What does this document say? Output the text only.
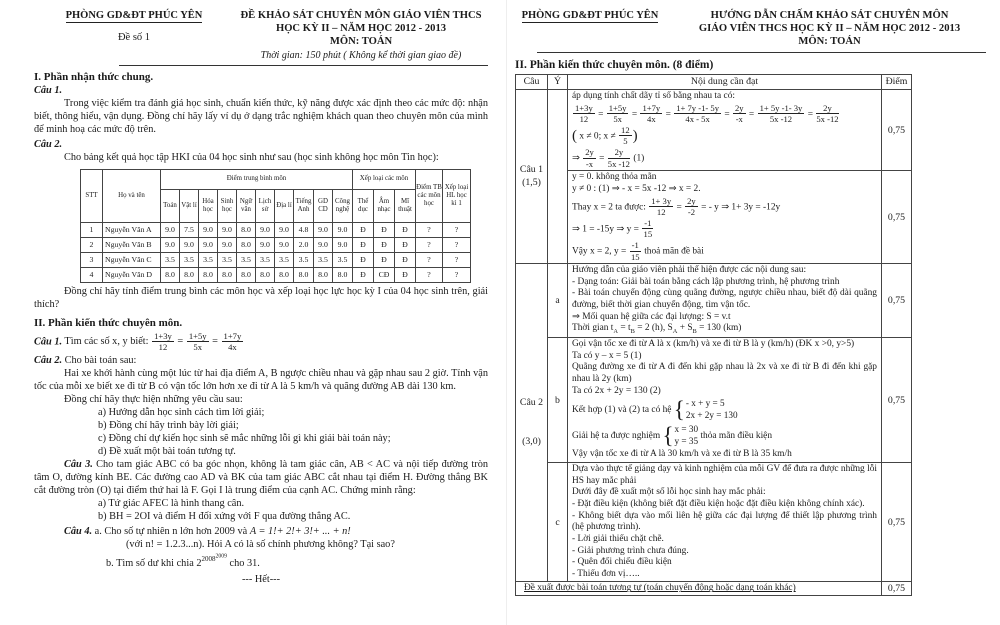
PHÒNG GD&ĐT PHÚC YÊN
Đề số 1
ĐỀ KHẢO SÁT CHUYÊN MÔN GIÁO VIÊN THCS
HỌC KỲ II – NĂM HỌC 2012 - 2013
MÔN: TOÁN
Thời gian: 150 phút ( Không kể thời gian giao đề)
I. Phần nhận thức chung.
Câu 1.

Trong việc kiểm tra đánh giá học sinh, chuẩn kiến thức, kỹ năng được xác định theo các mức độ: nhận biết, thông hiểu, vận dụng. Đồng chí hãy lấy ví dụ ở dạng trắc nghiệm khách quan theo chuyên môn của mình để minh hoạ các mức độ trên.

Câu 2.

Cho bảng kết quả học tập HKI của 04 học sinh như sau (học sinh không học môn Tin học):

STT	Họ và tên	Điểm trung bình môn										Xếp loại các môn			Điểm TB các môn học	Xếp loại HL học kì 1
		Toán	Vật lí	Hóa học	Sinh học	Ngữ văn	Lịch sử	Địa lí	Tiếng Anh	GD CD	Công nghệ	Thể dục	Âm nhạc	Mĩ thuật		
1	Nguyễn Văn A	9.0	7.5	9.0	9.0	8.0	9.0	9.0	4.8	9.0	9.0	Đ	Đ	Đ	?	?
2	Nguyễn Văn B	9.0	9.0	9.0	9.0	8.0	9.0	9.0	2.0	9.0	9.0	Đ	Đ	Đ	?	?
3	Nguyễn Văn C	3.5	3.5	3.5	3.5	3.5	3.5	3.5	3.5	3.5	3.5	Đ	Đ	Đ	?	?
4	Nguyễn Văn D	8.0	8.0	8.0	8.0	8.0	8.0	8.0	8.0	8.0	8.0	Đ	CĐ	Đ	?	?

Đồng chí hãy tính điểm trung bình các môn học và xếp loại học lực học kỳ I của 04 học sinh trên, giải thích?

II. Phần kiến thức chuyên môn.
Câu 1. Tìm các số x, y biết: $\frac{1+3y}{12} = \frac{1+5y}{5x} = \frac{1+7y}{4x}$
Câu 2. Cho bài toán sau:

Hai xe khởi hành cùng một lúc từ hai địa điểm A, B ngược chiều nhau và gặp nhau sau 2 giờ. Tính vận tốc của mỗi xe biết xe đi từ B có vận tốc lớn hơn xe đi từ A là 5 km/h và quãng đường AB dài 130 km.

Đồng chí hãy thực hiện những yêu cầu sau:

a) Hướng dẫn học sinh cách tìm lời giải;
b) Đồng chí hãy trình bày lời giải;
c) Đồng chí dự kiến học sinh sẽ mắc những lỗi gì khi giải bài toán này;
d) Đề xuất một bài toán tương tự.

Câu 3. Cho tam giác ABC có ba góc nhọn, không là tam giác cân, AB < AC và nội tiếp đường tròn tâm O, đường kính BE. Các đường cao AD và BK của tam giác ABC cắt nhau tại điểm H. Đường thẳng BK cắt đường tròn (O) tại điểm thứ hai là F. Gọi I là trung điểm của cạnh AC. Chứng minh rằng:

a) Tứ giác AFEC là hình thang cân.
b) BH = 2OI và điểm H đối xứng với F qua đường thẳng AC.
Câu 4. a. Cho số tự nhiên n lớn hơn 2009 và A = 1!+ 2!+ 3!+ ... + n!
(với n! = 1.2.3...n). Hỏi A có là số chính phương không? Tại sao?
b. Tìm số dư khi chia $2^{2008^{2009}}$ cho 31.
--- Hết---
PHÒNG GD&ĐT PHÚC YÊN	HƯỚNG DẪN CHẤM KHẢO SÁT CHUYÊN MÔN
GIÁO VIÊN THCS HỌC KỲ II – NĂM HỌC 2012 - 2013
MÔN: TOÁN
II. Phần kiến thức chuyên môn. (8 điểm)
Câu	Ý	Nội dung cần đạt	Điểm

Câu 1
(1,5)

áp dụng tính chất dãy tỉ số bằng nhau ta có:
$\frac{1+3y}{12} = \frac{1+5y}{5x} = \frac{1+7y}{4x} = \frac{1+ 7y -1- 5y}{4x - 5x} = \frac{2y}{-x} = \frac{1+ 5y -1- 3y}{5x -12} = \frac{2y}{5x -12}$
( x ≠ 0; $x \ne \frac{12}{5}$ )
⇒ $\frac{2y}{-x} = \frac{2y}{5x -12} (1)$
	0,75

y = 0. không thỏa mãn
y ≠ 0 : (1) ⇒ - x = 5x -12 ⇒ x = 2.
Thay x = 2 ta được: $\frac{1+ 3y}{12} = \frac{2y}{-2}$ = - y ⇒ 1+ 3y = -12y
⇒ 1 = -15y ⇒ $y = \frac{-1}{15}$
Vậy x = 2, $y = \frac{-1}{15}$ thoả mãn đề bài
	0,75

Câu 2
(3,0)
	a	
Hướng dẫn của giáo viên phải thể hiện được các nội dung sau:
- Dạng toán: Giải bài toán bằng cách lập phương trình, hệ phương trình
- Bài toán chuyển động cùng quãng đường, ngược chiều nhau, biết độ dài quãng đường, biết thời gian chuyển động, tìm vận tốc.
⇒ Mối quan hệ giữa các đại lượng: S = v.t
Thời gian $t_A = t_B = 2$ (h), $S_A + S_B = 130$ (km)
	0,75
b	
Gọi vận tốc xe đi từ A là x (km/h) và xe đi từ B là y (km/h) (ĐK x >0, y>5)
Ta có y – x = 5 (1)
Quãng đường xe đi từ A đi đến khi gặp nhau là 2x và xe đi từ B đi đến khi gặp nhau là 2y (km)
Ta có 2x + 2y = 130 (2)
Kết hợp (1) và (2) ta có hệ { - x + y = 5
2x + 2y = 130
Giải hệ ta được nghiệm { x = 30
y = 35 thỏa mãn điều kiện
Vậy vận tốc xe đi từ A là 30 km/h và xe đi từ B là 35 km/h
	0,75
c	
Dựa vào thực tế giảng dạy và kinh nghiệm của mỗi GV để đưa ra được những lỗi HS hay mắc phải
Dưới đây đề xuất một số lỗi học sinh hay mắc phải:
- Đặt điều kiện (không biết đặt điều kiện hoặc đặt điều kiện không chính xác).
- Không biết dựa vào mối liên hệ giữa các đại lượng để thiết lập phương trình (hệ phương trình).
- Lời giải thiếu chặt chẽ.
- Giải phương trình chưa đúng.
- Quên đối chiếu điều kiện
- Thiếu đơn vị…..
	0,75
Đề xuất được bài toán tương tự (toán chuyển động hoặc dạng toán khác)			0,75
